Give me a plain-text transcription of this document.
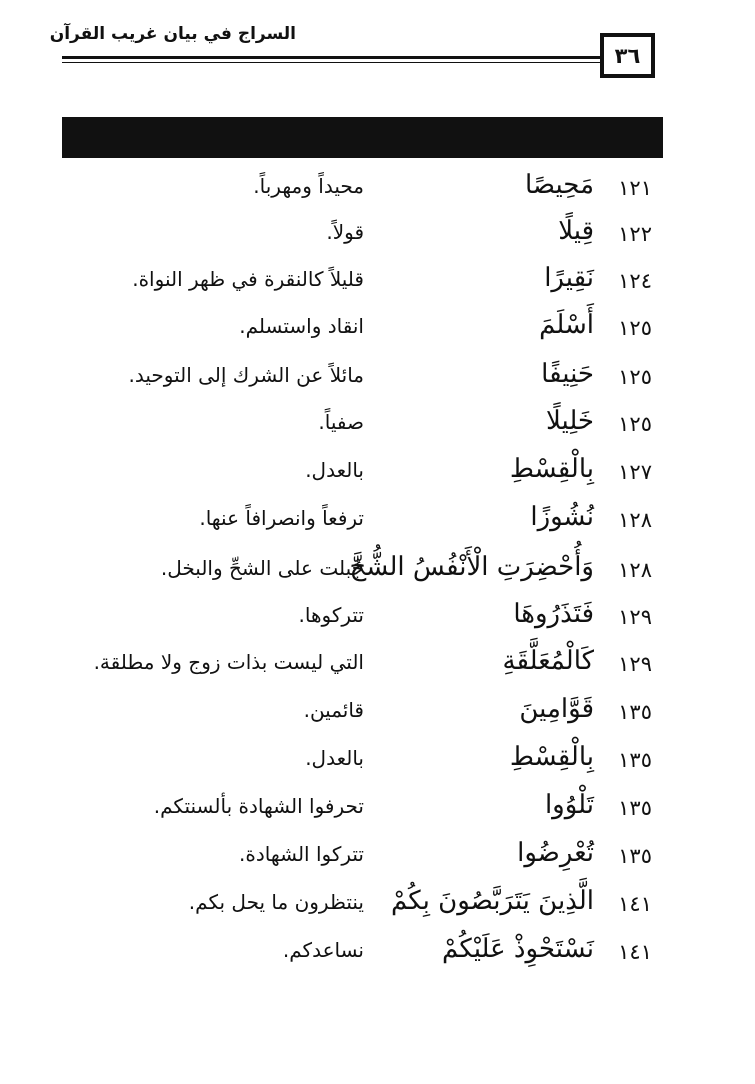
السراج في بيان غريب القرآن
٣٦
١٢١
مَحِيصًا
محيداً ومهرباً.
١٢٢
قِيلًا
قولاً.
١٢٤
نَقِيرًا
قليلاً كالنقرة في ظهر النواة.
١٢٥
أَسْلَمَ
انقاد واستسلم.
١٢٥
حَنِيفًا
مائلاً عن الشرك إلى التوحيد.
١٢٥
خَلِيلًا
صفياً.
١٢٧
بِالْقِسْطِ
بالعدل.
١٢٨
نُشُوزًا
ترفعاً وانصرافاً عنها.
١٢٨
وَأُحْضِرَتِ الْأَنْفُسُ الشُّحَّ
جُبلت على الشحِّ والبخل.
١٢٩
فَتَذَرُوهَا
تتركوها.
١٢٩
كَالْمُعَلَّقَةِ
التي ليست بذات زوج ولا مطلقة.
١٣٥
قَوَّامِينَ
قائمين.
١٣٥
بِالْقِسْطِ
بالعدل.
١٣٥
تَلْوُوا
تحرفوا الشهادة بألسنتكم.
١٣٥
تُعْرِضُوا
تتركوا الشهادة.
١٤١
الَّذِينَ يَتَرَبَّصُونَ بِكُمْ
ينتظرون ما يحل بكم.
١٤١
نَسْتَحْوِذْ عَلَيْكُمْ
نساعدكم.
